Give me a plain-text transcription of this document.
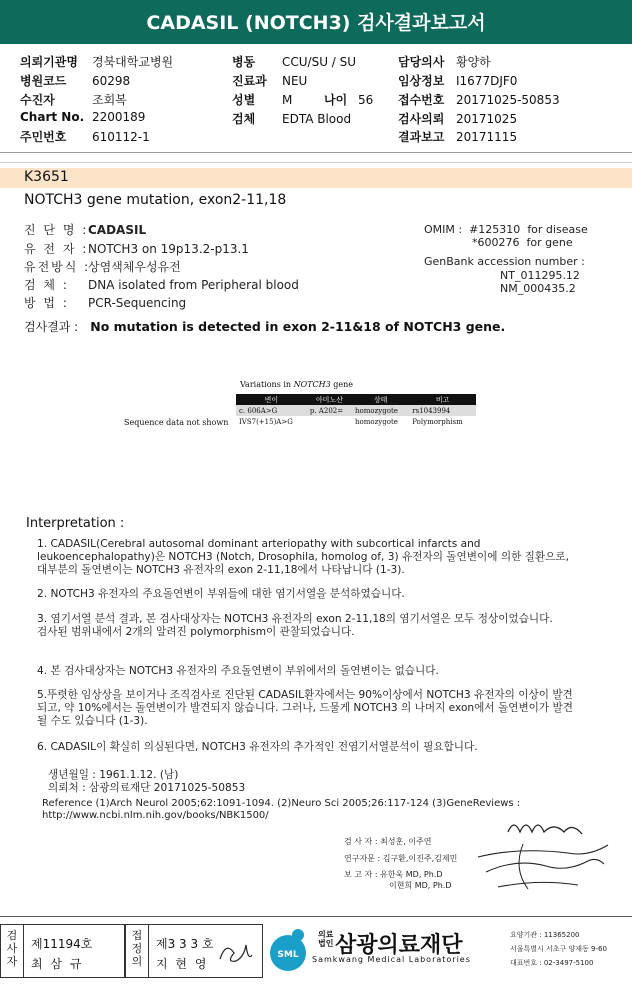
CADASIL (NOTCH3) 검사결과보고서
의뢰기관명 경북대학교병원
병원코드 60298
수진자	조회복
Chart No. 2200189
주민번호 610112-1
병동 CCU/SU / SU
진료과 NEU
성별 M	나이 56
검체 EDTA Blood
담당의사 황양하
임상정보 I1677DJF0
접수번호 20171025-50853
검사의뢰 20171025
결과보고 20171115
K3651
NOTCH3 gene mutation, exon2-11,18
진 단 명 :CADASIL
유 전 자 :NOTCH3 on 19p13.2-p13.1
유전방식 :상염색체우성유전
검 체 : DNA isolated from Peripheral blood
방 법 : PCR-Sequencing
OMIM : #125310 for disease
*600276 for gene
GenBank accession number :
NT_011295.12
NM_000435.2
검사결과 : No mutation is detected in exon 2-11&18 of NOTCH3 gene.
Variations in NOTCH3 gene
Sequence data not shown
변이	아미노산	상태	비고
c. 606A>G	p. A202=	homozygote	rs1043994
IVS7(+15)A>G		homozygote	Polymorphism
Interpretation :
1. CADASIL(Cerebral autosomal dominant arteriopathy with subcortical infarcts and leukoencephalopathy)은 NOTCH3 (Notch, Drosophila, homolog of, 3) 유전자의 돌연변이에 의한 질환으로, 대부분의 돌연변이는 NOTCH3 유전자의 exon 2-11,18에서 나타납니다 (1-3).
2. NOTCH3 유전자의 주요돌연변이 부위들에 대한 염기서열을 분석하였습니다.
3. 염기서열 분석 결과, 본 검사대상자는 NOTCH3 유전자의 exon 2-11,18의 염기서열은 모두 정상이었습니다.
검사된 범위내에서 2개의 알려진 polymorphism이 관찰되었습니다.
4. 본 검사대상자는 NOTCH3 유전자의 주요돌연변이 부위에서의 돌연변이는 없습니다.
5.뚜렷한 임상상을 보이거나 조직검사로 진단된 CADASIL환자에서는 90%이상에서 NOTCH3 유전자의 이상이 발견되고, 약 10%에서는 돌연변이가 발견되지 않습니다. 그러나, 드물게 NOTCH3 의 나머지 exon에서 돌연변이가 발견될 수도 있습니다 (1-3).
6. CADASIL이 확실히 의심된다면, NOTCH3 유전자의 추가적인 전염기서열분석이 필요합니다.
생년월일 : 1961.1.12. (남)
의뢰처 : 삼광의료재단 20171025-50853
Reference (1)Arch Neurol 2005;62:1091-1094. (2)Neuro Sci 2005;26:117-124 (3)GeneReviews :
http://www.ncbi.nlm.nih.gov/books/NBK1500/
검 사 자 : 최성훈, 이주연
연구자문 : 김구환,이진주,김제민
보 고 자 : 유한욱 MD, Ph.D
이현희 MD, Ph.D
검사자
제11194호
최 삼 규
접정의
제3 3 3 호
지 현 영
SML
의료
법인 삼광의료재단
Samkwang Medical Laboratories
요양기관 : 11365200
서울특별시 서초구 양재동 9-60
대표번호 : 02-3497-5100
